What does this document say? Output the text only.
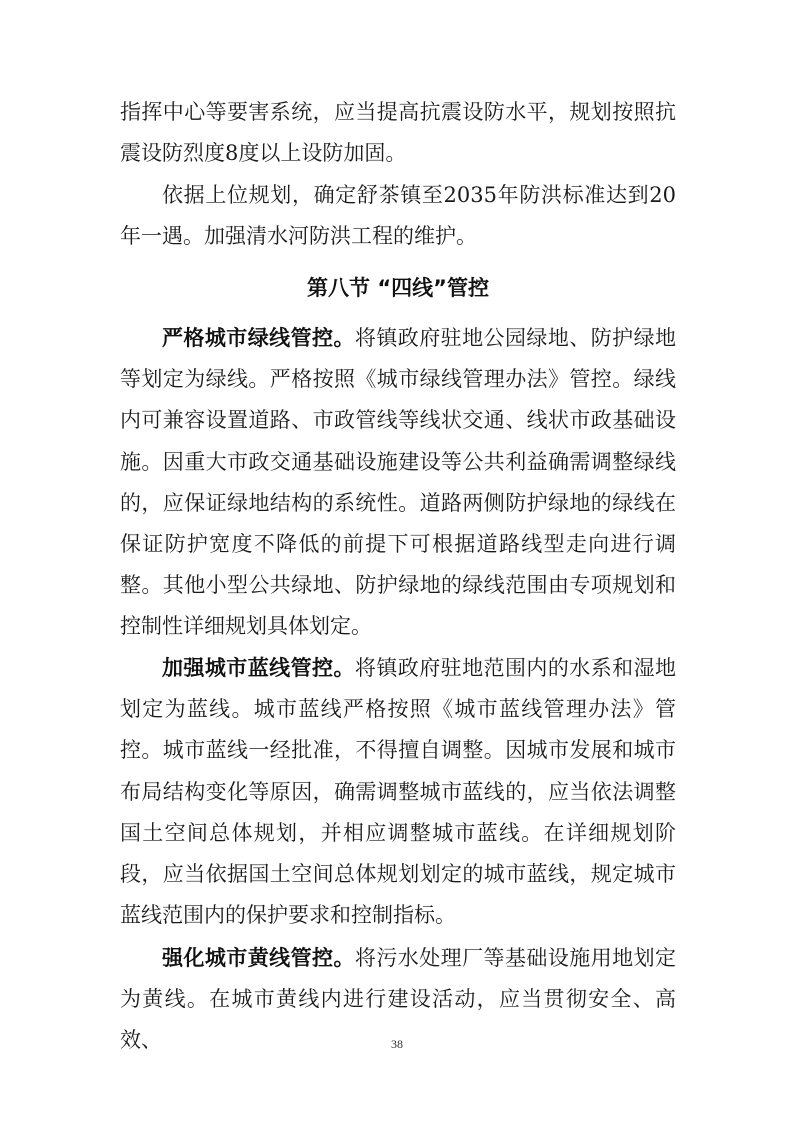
指挥中心等要害系统，应当提高抗震设防水平，规划按照抗震设防烈度8度以上设防加固。

依据上位规划，确定舒茶镇至2035年防洪标准达到20年一遇。加强清水河防洪工程的维护。

第八节 “四线”管控

严格城市绿线管控。将镇政府驻地公园绿地、防护绿地等划定为绿线。严格按照《城市绿线管理办法》管控。绿线内可兼容设置道路、市政管线等线状交通、线状市政基础设施。因重大市政交通基础设施建设等公共利益确需调整绿线的，应保证绿地结构的系统性。道路两侧防护绿地的绿线在保证防护宽度不降低的前提下可根据道路线型走向进行调整。其他小型公共绿地、防护绿地的绿线范围由专项规划和控制性详细规划具体划定。

加强城市蓝线管控。将镇政府驻地范围内的水系和湿地划定为蓝线。城市蓝线严格按照《城市蓝线管理办法》管控。城市蓝线一经批准，不得擅自调整。因城市发展和城市布局结构变化等原因，确需调整城市蓝线的，应当依法调整国土空间总体规划，并相应调整城市蓝线。在详细规划阶段，应当依据国土空间总体规划划定的城市蓝线，规定城市蓝线范围内的保护要求和控制指标。

强化城市黄线管控。将污水处理厂等基础设施用地划定为黄线。在城市黄线内进行建设活动，应当贯彻安全、高效、	38
